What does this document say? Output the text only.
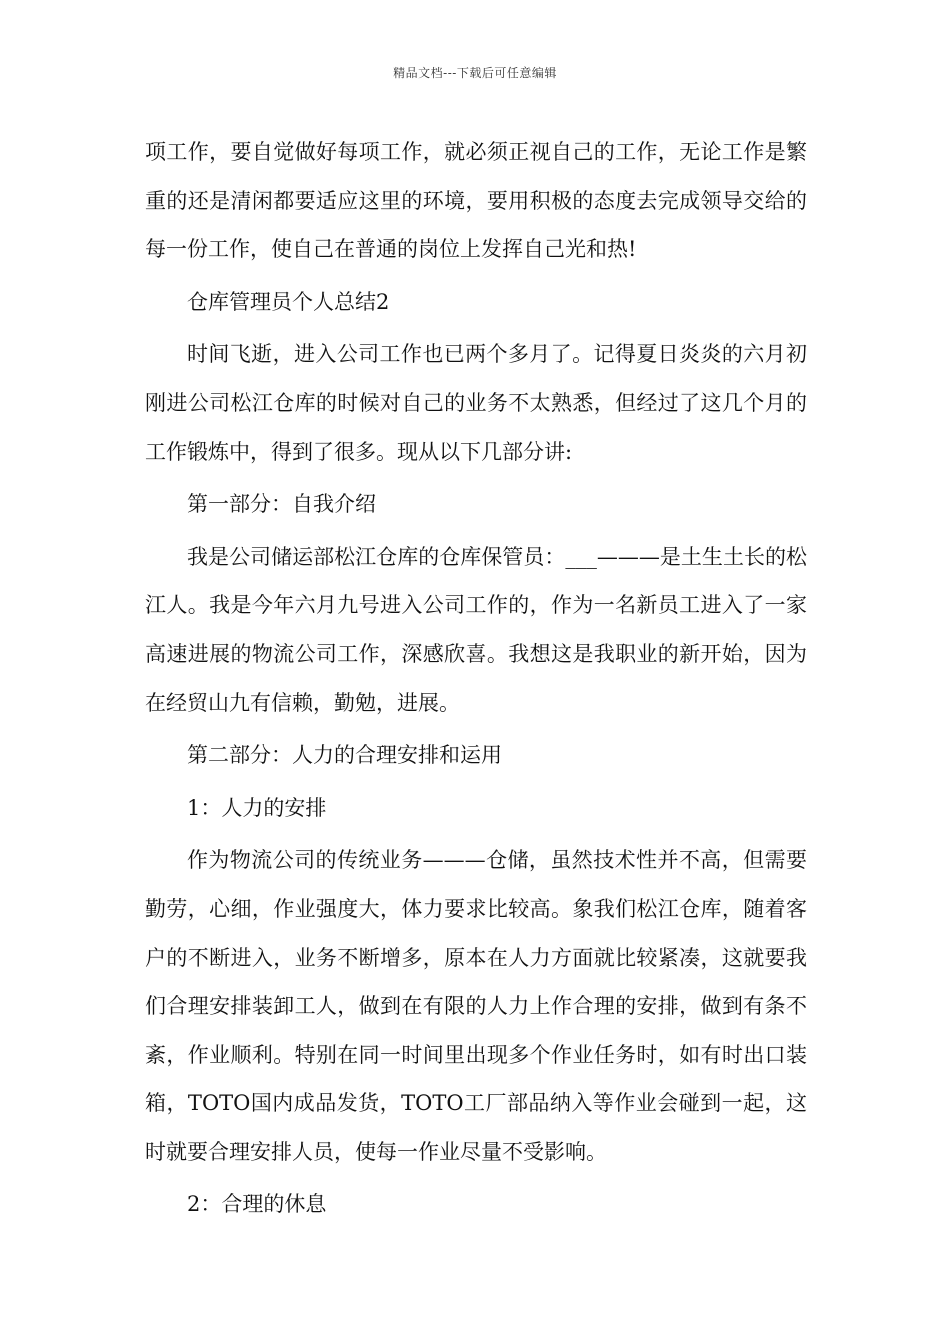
精品文档---下载后可任意编辑

项工作，要自觉做好每项工作，就必须正视自己的工作，无论工作是繁重的还是清闲都要适应这里的环境，要用积极的态度去完成领导交给的每一份工作，使自己在普通的岗位上发挥自己光和热!

仓库管理员个人总结2

时间飞逝，进入公司工作也已两个多月了。记得夏日炎炎的六月初刚进公司松江仓库的时候对自己的业务不太熟悉，但经过了这几个月的工作锻炼中，得到了很多。现从以下几部分讲:

第一部分：自我介绍

我是公司储运部松江仓库的仓库保管员：___———是土生土长的松江人。我是今年六月九号进入公司工作的，作为一名新员工进入了一家高速进展的物流公司工作，深感欣喜。我想这是我职业的新开始，因为在经贸山九有信赖，勤勉，进展。

第二部分：人力的合理安排和运用

1：人力的安排

作为物流公司的传统业务———仓储，虽然技术性并不高，但需要勤劳，心细，作业强度大，体力要求比较高。象我们松江仓库，随着客户的不断进入，业务不断增多，原本在人力方面就比较紧凑，这就要我们合理安排装卸工人，做到在有限的人力上作合理的安排，做到有条不紊，作业顺利。特别在同一时间里出现多个作业任务时，如有时出口装箱，TOTO国内成品发货，TOTO工厂部品纳入等作业会碰到一起，这时就要合理安排人员，使每一作业尽量不受影响。

2：合理的休息
